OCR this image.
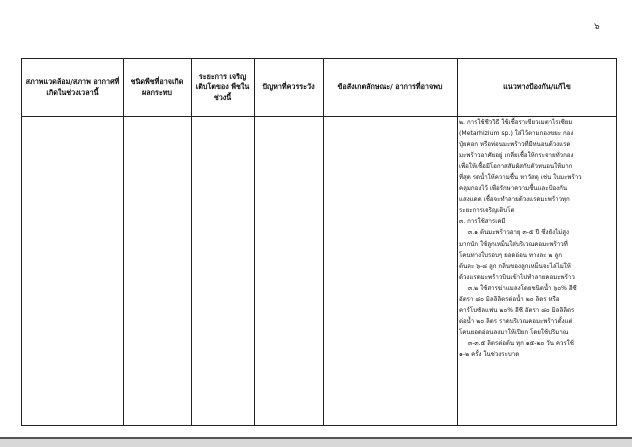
๖
สภาพแวดล้อม/สภาพ อากาศที่เกิดในช่วงเวลานี้
ชนิดพืชที่อาจเกิด ผลกระทบ
ระยะการ เจริญเติบโตของ พืชในช่วงนี้
ปัญหาที่ควรระวัง	ข้อสังเกตลักษณะ/ อาการที่อาจพบ	แนวทางป้องกัน/แก้ไข
๒. การใช้ชีววิธี ใช้เชื้อราเขียวเมตาไรเซียม
(Metarhizium sp.) ใส่ไว้ตามกองขยะ กอง
ปุ๋ยคอก หรือท่อนมะพร้าวที่มีหนอนด้วงแรด
มะพร้าวอาศัยอยู่ เกลี่ยเชื้อให้กระจายทั่วกอง
เพื่อให้เชื้อมีโอกาสสัมผัสกับตัวหนอนให้มาก
ที่สุด รดน้ำให้ความชื้น หาวัสดุ เช่น ใบมะพร้าว
คลุมกองไว้ เพื่อรักษาความชื้นและป้องกัน
แสงแดด เชื้อจะทำลายด้วงแรดมะพร้าวทุก
ระยะการเจริญเติบโต
๓. การใช้สารเคมี
๓.๑ ต้นมะพร้าวอายุ ๓-๕ ปี ซึ่งยังไม่สูง
มากนัก ใช้ลูกเหม็นใส่บริเวณคอมะพร้าวที่
โคนทางใบรอบๆ ยอดอ่อน ทางละ ๒ ลูก
ต้นละ ๖-๘ ลูก กลิ่นของลูกเหม็นจะไล่ไม่ให้
ด้วงแรดมะพร้าวบินเข้าไปทำลายคอมะพร้าว
๓.๒ ใช้สารฆ่าแมลงโดยชนิดน้ำ ๖๐% อีซี
อัตรา ๘๐ มิลลิลิตรต่อน้ำ ๒๐ ลิตร หรือ
คาร์โบซัลแฟน ๒๐% อีซี อัตรา ๘๐ มิลลิลิตร
ต่อน้ำ ๒๐ ลิตร ราดบริเวณคอมะพร้าวตั้งแต่
โคนยอดอ่อนลงมาให้เปียก โดยใช้ปริมาณ
๓-๓.๕ ลิตรต่อต้น ทุก ๑๕-๒๐ วัน ควรใช้
๑-๒ ครั้ง ในช่วงระบาด
